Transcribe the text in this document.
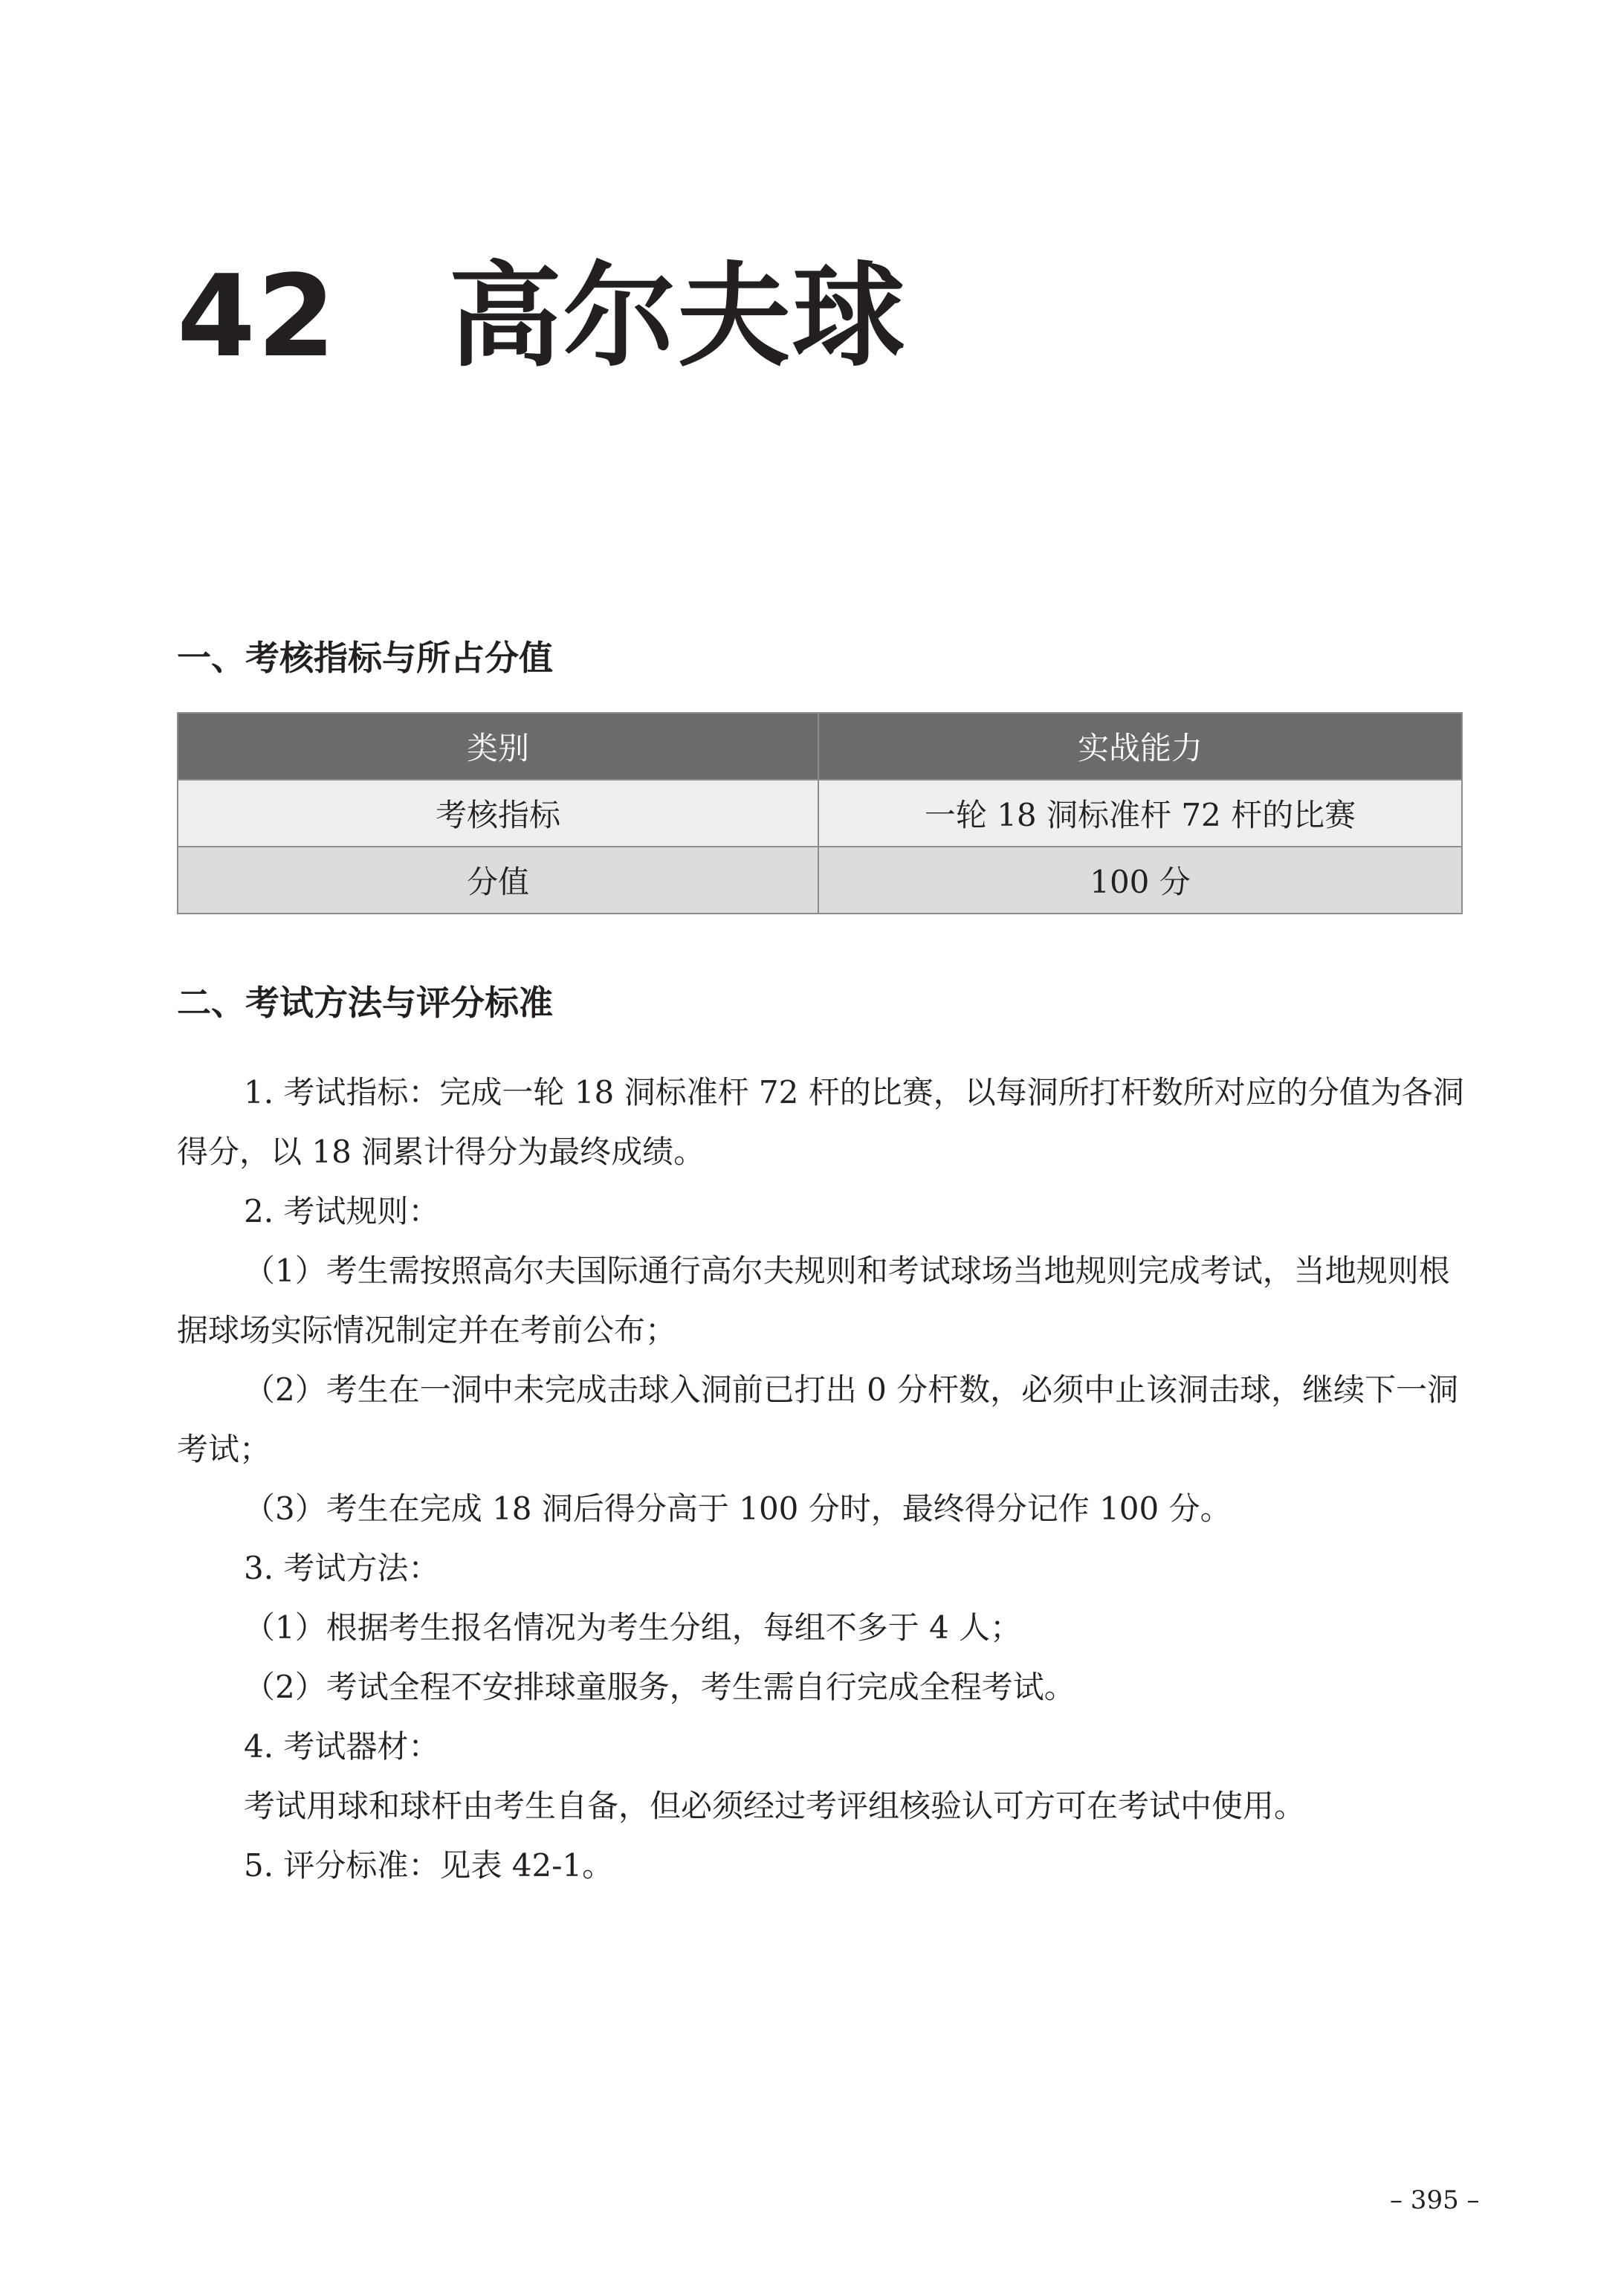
42 高尔夫球
一、考核指标与所占分值
类别	实战能力
考核指标	一轮 18 洞标准杆 72 杆的比赛
分值	100 分
二、考试方法与评分标准

1. 考试指标：完成一轮 18 洞标准杆 72 杆的比赛，以每洞所打杆数所对应的分值为各洞得分，以 18 洞累计得分为最终成绩。

2. 考试规则：

（1）考生需按照高尔夫国际通行高尔夫规则和考试球场当地规则完成考试，当地规则根据球场实际情况制定并在考前公布；

（2）考生在一洞中未完成击球入洞前已打出 0 分杆数，必须中止该洞击球，继续下一洞考试；

（3）考生在完成 18 洞后得分高于 100 分时，最终得分记作 100 分。

3. 考试方法：

（1）根据考生报名情况为考生分组，每组不多于 4 人；

（2）考试全程不安排球童服务，考生需自行完成全程考试。

4. 考试器材：

考试用球和球杆由考生自备，但必须经过考评组核验认可方可在考试中使用。

5. 评分标准：见表 42-1。

– 395 –
